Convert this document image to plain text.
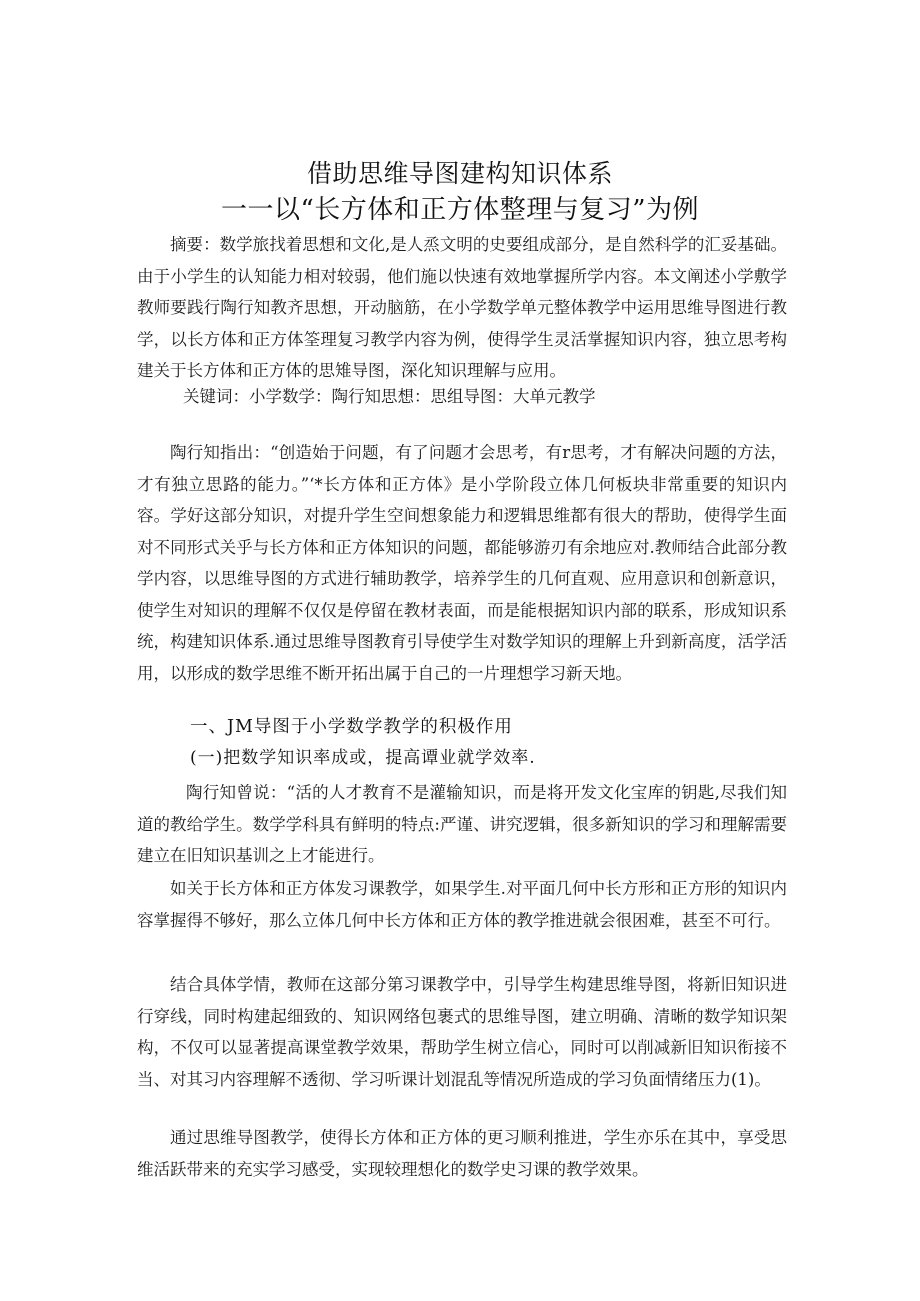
借助思维导图建构知识体系
一一以“长方体和正方体整理与复习”为例
摘要：数学旅找着思想和文化,是人烝文明的史要组成部分，是自然科学的汇妥基础。由于小学生的认知能力相对较弱，他们施以快速有效地掌握所学内容。本文阐述小学敷学教师要践行陶行知教齐思想，开动脑筋，在小学数学单元整体教学中运用思维导图进行教学，以长方体和正方体筌理复习教学内容为例，使得学生灵活掌握知识内容，独立思考构建关于长方体和正方体的思雉导图，深化知识理解与应用。
关键词：小学数学：陶行知思想：思组导图：大单元教学
陶行知指出：“创造始于问题，有了问题才会思考，有r思考，才有解决问题的方法，才有独立思路的能力。”‘*长方体和正方体》是小学阶段立体几何板块非常重要的知识内容。学好这部分知识，对提升学生空间想象能力和逻辑思维都有很大的帮助，使得学生面对不同形式关乎与长方体和正方体知识的问题，都能够游刃有余地应对.教师结合此部分教学内容，以思维导图的方式进行辅助教学，培养学生的几何直观、应用意识和创新意识，使学生对知识的理解不仅仅是停留在教材表面，而是能根据知识内部的联系，形成知识系统，构建知识体系.通过思维导图教育引导使学生对数学知识的理解上升到新高度，活学活用，以形成的数学思维不断开拓出属于自己的一片理想学习新天地。
一、JM导图于小学数学教学的积极作用
(一)把数学知识率成或，提高谭业就学效率.
陶行知曾说：“活的人才教育不是灌输知识，而是将开发文化宝库的钥匙,尽我们知道的教给学生。数学学科具有鲜明的特点:严谨、讲究逻辑，很多新知识的学习和理解需要建立在旧知识基训之上才能进行。
如关于长方体和正方体发习课教学，如果学生.对平面几何中长方形和正方形的知识内容掌握得不够好，那么立体几何中长方体和正方体的教学推进就会很困难，甚至不可行。
结合具体学情，教师在这部分第习课教学中，引导学生构建思维导图，将新旧知识进行穿线，同时构建起细致的、知识网络包裹式的思维导图，建立明确、清晰的数学知识架构，不仅可以显著提高课堂教学效果，帮助学生树立信心，同时可以削减新旧知识衔接不当、对其习内容理解不透彻、学习听课计划混乱等情况所造成的学习负面情绪压力(1)。
通过思维导图教学，使得长方体和正方体的更习顺利推进，学生亦乐在其中，享受思维活跃带来的充实学习感受，实现较理想化的数学史习课的教学效果。
